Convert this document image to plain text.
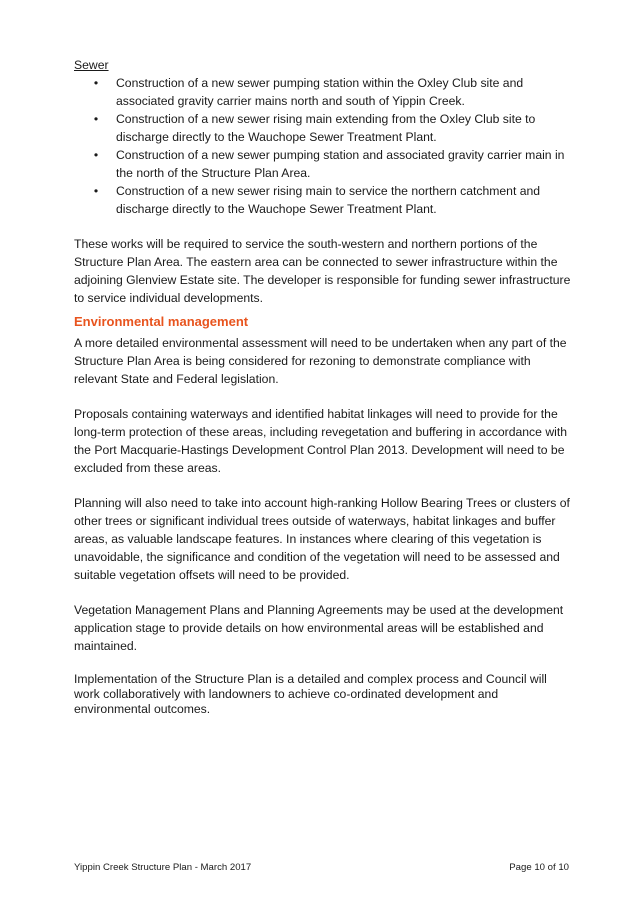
Sewer

• Construction of a new sewer pumping station within the Oxley Club site and associated gravity carrier mains north and south of Yippin Creek.
• Construction of a new sewer rising main extending from the Oxley Club site to discharge directly to the Wauchope Sewer Treatment Plant.
• Construction of a new sewer pumping station and associated gravity carrier main in the north of the Structure Plan Area.
• Construction of a new sewer rising main to service the northern catchment and discharge directly to the Wauchope Sewer Treatment Plant.

These works will be required to service the south-western and northern portions of the Structure Plan Area. The eastern area can be connected to sewer infrastructure within the adjoining Glenview Estate site. The developer is responsible for funding sewer infrastructure to service individual developments.

Environmental management

A more detailed environmental assessment will need to be undertaken when any part of the Structure Plan Area is being considered for rezoning to demonstrate compliance with relevant State and Federal legislation.

Proposals containing waterways and identified habitat linkages will need to provide for the long-term protection of these areas, including revegetation and buffering in accordance with the Port Macquarie-Hastings Development Control Plan 2013. Development will need to be excluded from these areas.

Planning will also need to take into account high-ranking Hollow Bearing Trees or clusters of other trees or significant individual trees outside of waterways, habitat linkages and buffer areas, as valuable landscape features. In instances where clearing of this vegetation is unavoidable, the significance and condition of the vegetation will need to be assessed and suitable vegetation offsets will need to be provided.

Vegetation Management Plans and Planning Agreements may be used at the development application stage to provide details on how environmental areas will be established and maintained.

Implementation of the Structure Plan is a detailed and complex process and Council will work collaboratively with landowners to achieve co-ordinated development and environmental outcomes.

Yippin Creek Structure Plan - March 2017	Page 10 of 10
